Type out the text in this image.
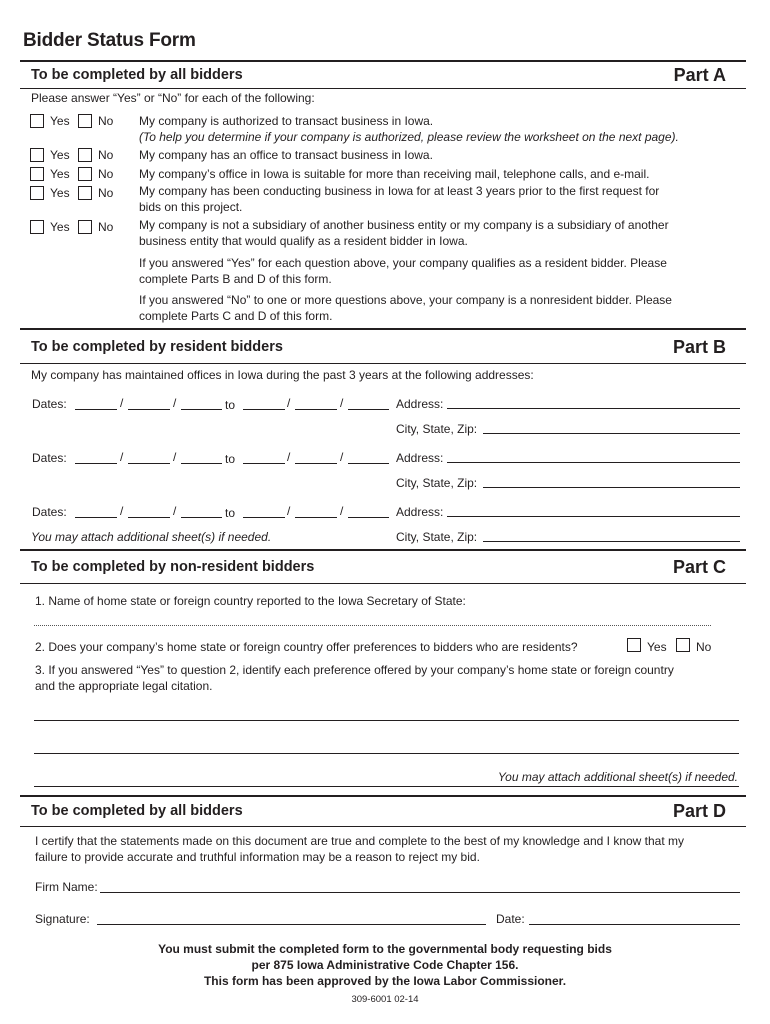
Bidder Status Form
To be completed by all bidders	Part A
Please answer “Yes” or “No” for each of the following:
Yes No My company is authorized to transact business in Iowa.
(To help you determine if your company is authorized, please review the worksheet on the next page).
Yes No My company has an office to transact business in Iowa.
Yes No My company’s office in Iowa is suitable for more than receiving mail, telephone calls, and e-mail.
Yes No My company has been conducting business in Iowa for at least 3 years prior to the first request for
bids on this project.
Yes No My company is not a subsidiary of another business entity or my company is a subsidiary of another
business entity that would qualify as a resident bidder in Iowa.
If you answered “Yes” for each question above, your company qualifies as a resident bidder. Please
complete Parts B and D of this form.
If you answered “No” to one or more questions above, your company is a nonresident bidder. Please
complete Parts C and D of this form.
To be completed by resident bidders	Part B
My company has maintained offices in Iowa during the past 3 years at the following addresses:
Dates:	/	/	to	/	/	Address:
City, State, Zip:
Dates:	/	/	to	/	/	Address:
City, State, Zip:
Dates:	/	/	to	/	/	Address:
You may attach additional sheet(s) if needed.	City, State, Zip:
To be completed by non-resident bidders	Part C
1. Name of home state or foreign country reported to the Iowa Secretary of State:
2. Does your company’s home state or foreign country offer preferences to bidders who are residents?	Yes No
3. If you answered “Yes” to question 2, identify each preference offered by your company’s home state or foreign country
and the appropriate legal citation.
You may attach additional sheet(s) if needed.
To be completed by all bidders	Part D
I certify that the statements made on this document are true and complete to the best of my knowledge and I know that my
failure to provide accurate and truthful information may be a reason to reject my bid.
Firm Name:
Signature:	Date:
You must submit the completed form to the governmental body requesting bids
per 875 Iowa Administrative Code Chapter 156.
This form has been approved by the Iowa Labor Commissioner.
309-6001 02-14
